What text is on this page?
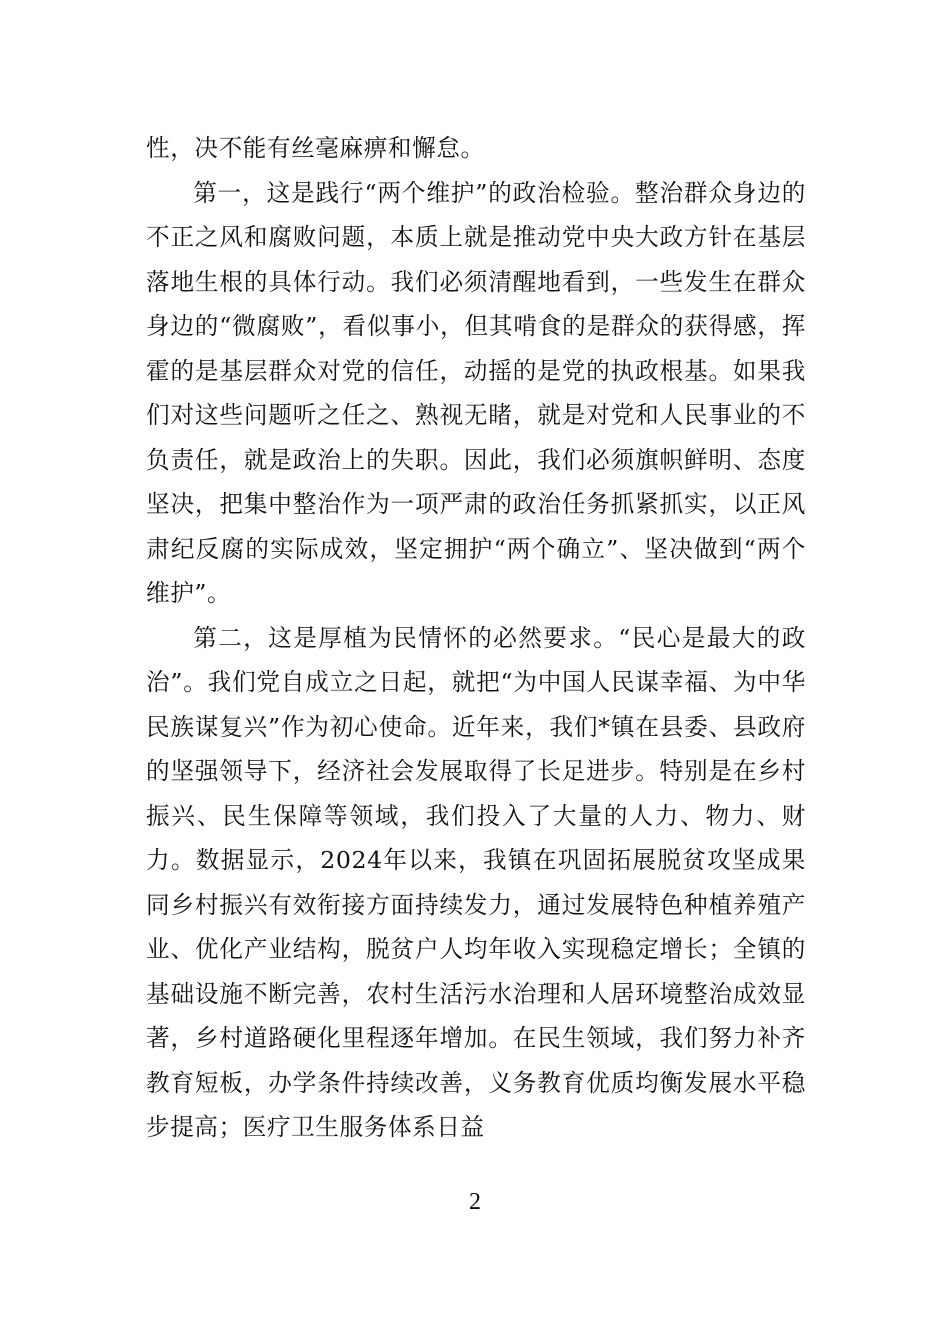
性，决不能有丝毫麻痹和懈怠。

第一，这是践行“两个维护”的政治检验。整治群众身边的不正之风和腐败问题，本质上就是推动党中央大政方针在基层落地生根的具体行动。我们必须清醒地看到，一些发生在群众身边的“微腐败”，看似事小，但其啃食的是群众的获得感，挥霍的是基层群众对党的信任，动摇的是党的执政根基。如果我们对这些问题听之任之、熟视无睹，就是对党和人民事业的不负责任，就是政治上的失职。因此，我们必须旗帜鲜明、态度坚决，把集中整治作为一项严肃的政治任务抓紧抓实，以正风肃纪反腐的实际成效，坚定拥护“两个确立”、坚决做到“两个维护”。

第二，这是厚植为民情怀的必然要求。“民心是最大的政治”。我们党自成立之日起，就把“为中国人民谋幸福、为中华民族谋复兴”作为初心使命。近年来，我们*镇在县委、县政府的坚强领导下，经济社会发展取得了长足进步。特别是在乡村振兴、民生保障等领域，我们投入了大量的人力、物力、财力。数据显示，2024年以来，我镇在巩固拓展脱贫攻坚成果同乡村振兴有效衔接方面持续发力，通过发展特色种植养殖产业、优化产业结构，脱贫户人均年收入实现稳定增长；全镇的基础设施不断完善，农村生活污水治理和人居环境整治成效显著，乡村道路硬化里程逐年增加。在民生领域，我们努力补齐教育短板，办学条件持续改善，义务教育优质均衡发展水平稳步提高；医疗卫生服务体系日益

2
